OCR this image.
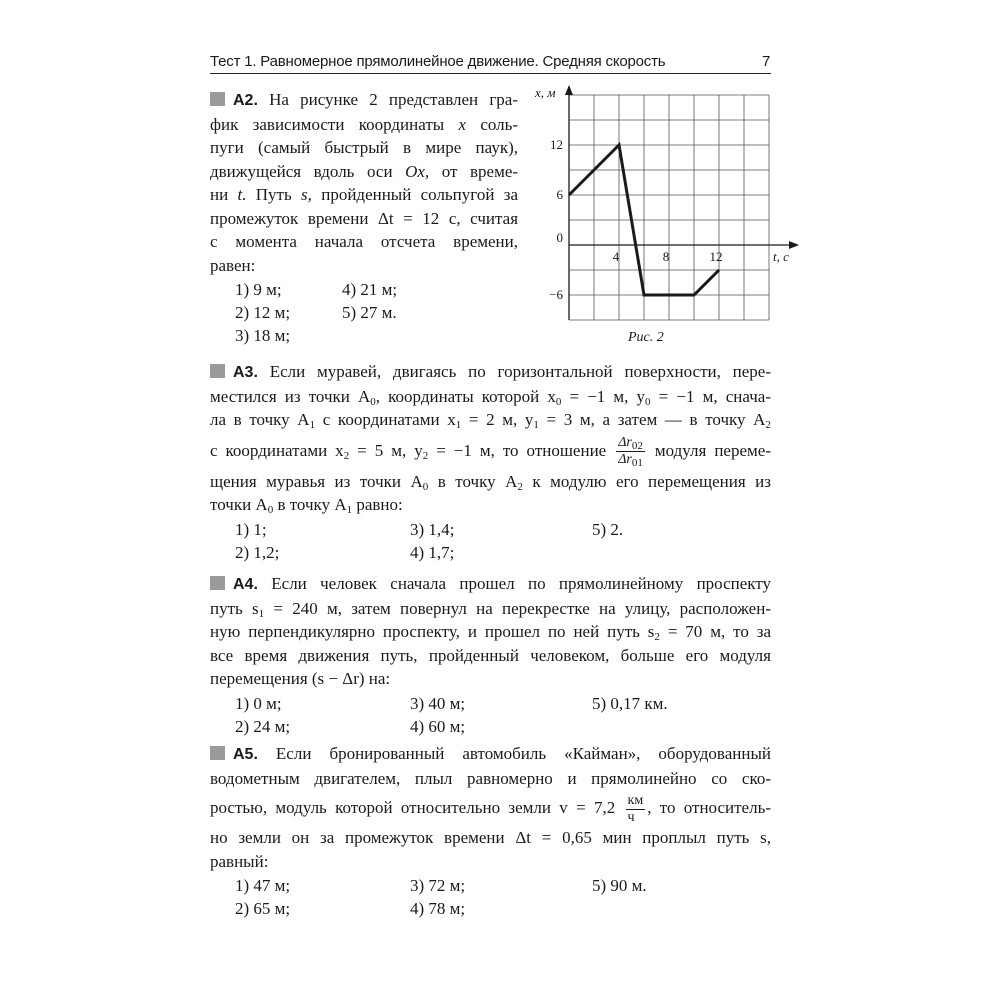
Тест 1. Равномерное прямолинейное движение. Средняя скорость	7
A2. На рисунке 2 представлен гра-
фик зависимости координаты x соль-
пуги (самый быстрый в мире паук),
движущейся вдоль оси Ox, от време-
ни t. Путь s, пройденный сольпугой за
промежуток времени Δt = 12 с, считая
с момента начала отсчета времени,
равен:
1) 9 м;	4) 21 м;
2) 12 м;	5) 27 м.
3) 18 м;
4	8	12
12
6
0
−6
t, с
x, м
Рис. 2
A3. Если муравей, двигаясь по горизонтальной поверхности, пере-
местился из точки $A_0$, координаты которой $x_0 = -1$ м, $y_0 = -1$ м, снача-
ла в точку $A_1$ с координатами $x_1 = 2$ м, $y_1 = 3$ м, а затем — в точку $A_2$
с координатами $x_2 = 5$ м, $y_2 = -1$ м, то отношение $\frac{\Delta r_{02}}{\Delta r_{01}}$ модуля переме-
щения муравья из точки $A_0$ в точку $A_2$ к модулю его перемещения из
точки $A_0$ в точку $A_1$ равно:
1) 1;	3) 1,4;	5) 2.
2) 1,2;	4) 1,7;
A4. Если человек сначала прошел по прямолинейному проспекту
путь $s_1 = 240$ м, затем повернул на перекрестке на улицу, расположен-
ную перпендикулярно проспекту, и прошел по ней путь $s_2 = 70$ м, то за
все время движения путь, пройденный человеком, больше его модуля
перемещения (s − Δr) на:
1) 0 м;	3) 40 м;	5) 0,17 км.
2) 24 м;	4) 60 м;
A5. Если бронированный автомобиль «Кайман», оборудованный
водометным двигателем, плыл равномерно и прямолинейно со ско-
ростью, модуль которой относительно земли $v = 7,2 \frac{км}{ч}$ , то относитель-
но земли он за промежуток времени Δt = 0,65 мин проплыл путь s,
равный:
1) 47 м;	3) 72 м;	5) 90 м.
2) 65 м;	4) 78 м;
